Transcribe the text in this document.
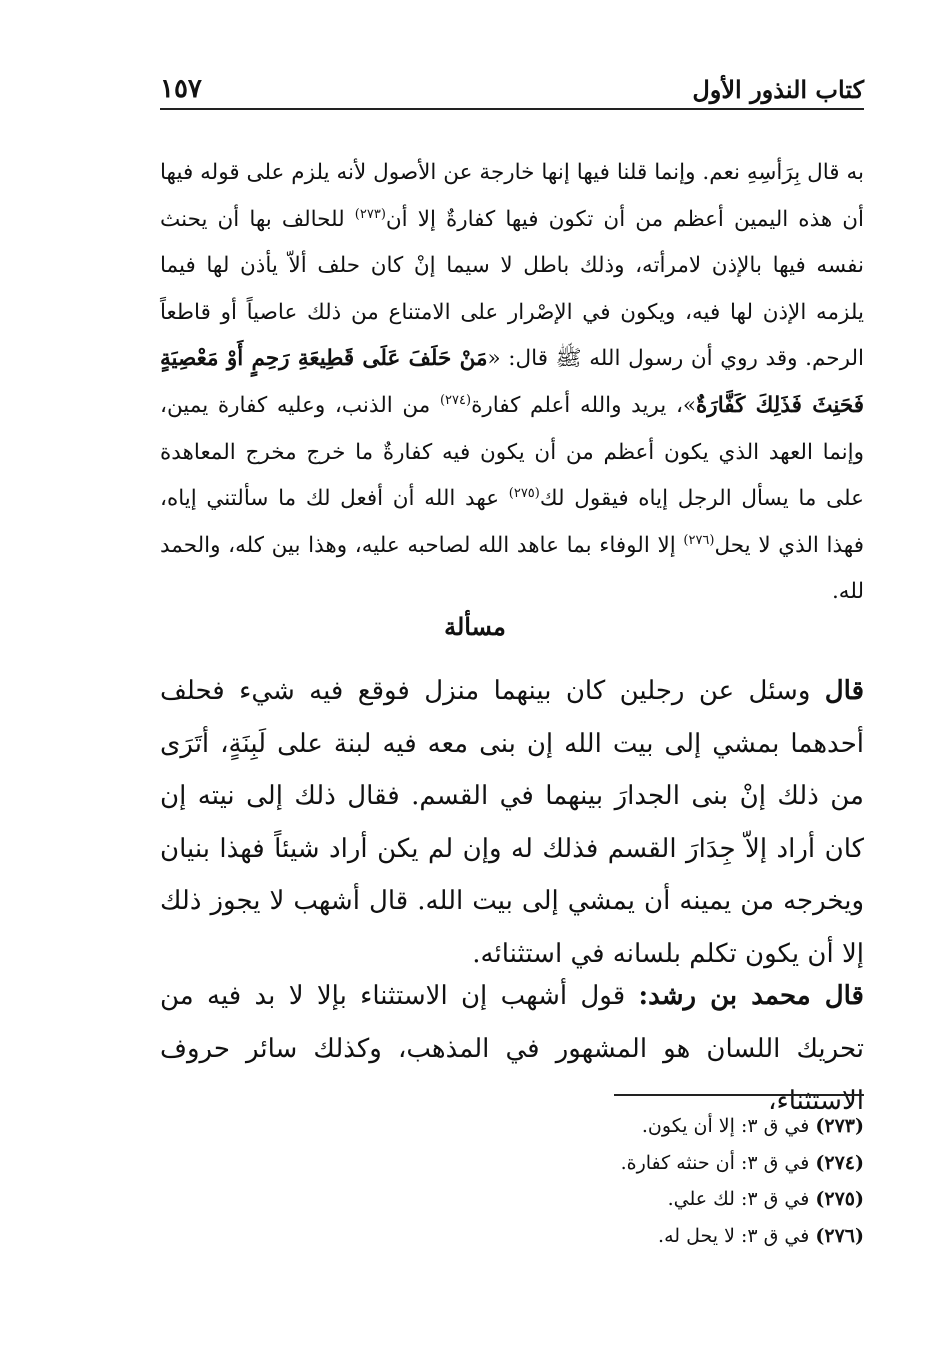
كتاب النذور الأول
١٥٧

به قال بِرَأسِهِ نعم. وإنما قلنا فيها إنها خارجة عن الأصول لأنه يلزم على قوله فيها أن هذه اليمين أعظم من أن تكون فيها كفارةٌ إلا أن$^{(٢٧٣)}$ للحالف بها أن يحنث نفسه فيها بالإذن لامرأته، وذلك باطل لا سيما إنْ كان حلف ألاّ يأذن لها فيما يلزمه الإذن لها فيه، ويكون في الإصْرار على الامتناع من ذلك عاصياً أو قاطعاً الرحم. وقد روي أن رسول الله ﷺ قال: «مَنْ حَلَفَ عَلَى قَطِيعَةِ رَحِمٍ أَوْ مَعْصِيَةٍ فَحَنِثَ فَذَلِكَ كَفَّارَةٌ»، يريد والله أعلم كفارة$^{(٢٧٤)}$ من الذنب، وعليه كفارة يمين، وإنما العهد الذي يكون أعظم من أن يكون فيه كفارةٌ ما خرج مخرج المعاهدة على ما يسأل الرجل إياه فيقول لك$^{(٢٧٥)}$ عهد الله أن أفعل لك ما سألتني إياه، فهذا الذي لا يحل$^{(٢٧٦)}$ إلا الوفاء بما عاهد الله لصاحبه عليه، وهذا بين كله، والحمد لله.

مسألة

قال وسئل عن رجلين كان بينهما منزل فوقع فيه شيء فحلف أحدهما بمشي إلى بيت الله إن بنى معه فيه لبنة على لَبِنَةٍ، أتَرَى من ذلك إنْ بنى الجدارَ بينهما في القسم. فقال ذلك إلى نيته إن كان أراد إلاّ جِدَارَ القسم فذلك له وإن لم يكن أراد شيئاً فهذا بنيان ويخرجه من يمينه أن يمشي إلى بيت الله. قال أشهب لا يجوز ذلك إلا أن يكون تكلم بلسانه في استثنائه.

قال محمد بن رشد: قول أشهب إن الاستثناء بإلا لا بد فيه من تحريك اللسان هو المشهور في المذهب، وكذلك سائر حروف الاستثناء،

(٢٧٣) في ق ٣: إلا أن يكون.
(٢٧٤) في ق ٣: أن حنثه كفارة.
(٢٧٥) في ق ٣: لك علي.
(٢٧٦) في ق ٣: لا يحل له.
